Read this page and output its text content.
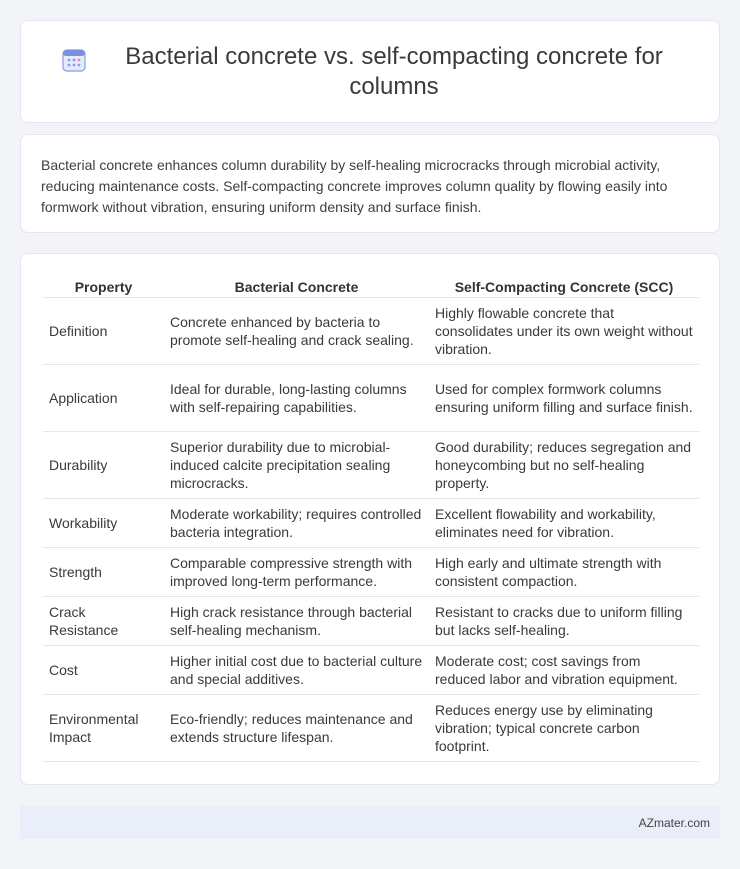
Bacterial concrete vs. self-compacting concrete for columns

Bacterial concrete enhances column durability by self-healing microcracks through microbial activity, reducing maintenance costs. Self-compacting concrete improves column quality by flowing easily into formwork without vibration, ensuring uniform density and surface finish.

Property	Bacterial Concrete	Self-Compacting Concrete (SCC)
Definition	Concrete enhanced by bacteria to promote self-healing and crack sealing.	Highly flowable concrete that consolidates under its own weight without vibration.
Application	Ideal for durable, long-lasting columns with self-repairing capabilities.	Used for complex formwork columns ensuring uniform filling and surface finish.
Durability	Superior durability due to microbial-induced calcite precipitation sealing microcracks.	Good durability; reduces segregation and honeycombing but no self-healing property.
Workability	Moderate workability; requires controlled bacteria integration.	Excellent flowability and workability, eliminates need for vibration.
Strength	Comparable compressive strength with improved long-term performance.	High early and ultimate strength with consistent compaction.
Crack Resistance	High crack resistance through bacterial self-healing mechanism.	Resistant to cracks due to uniform filling but lacks self-healing.
Cost	Higher initial cost due to bacterial culture and special additives.	Moderate cost; cost savings from reduced labor and vibration equipment.
Environmental Impact	Eco-friendly; reduces maintenance and extends structure lifespan.	Reduces energy use by eliminating vibration; typical concrete carbon footprint.
AZmater.com
